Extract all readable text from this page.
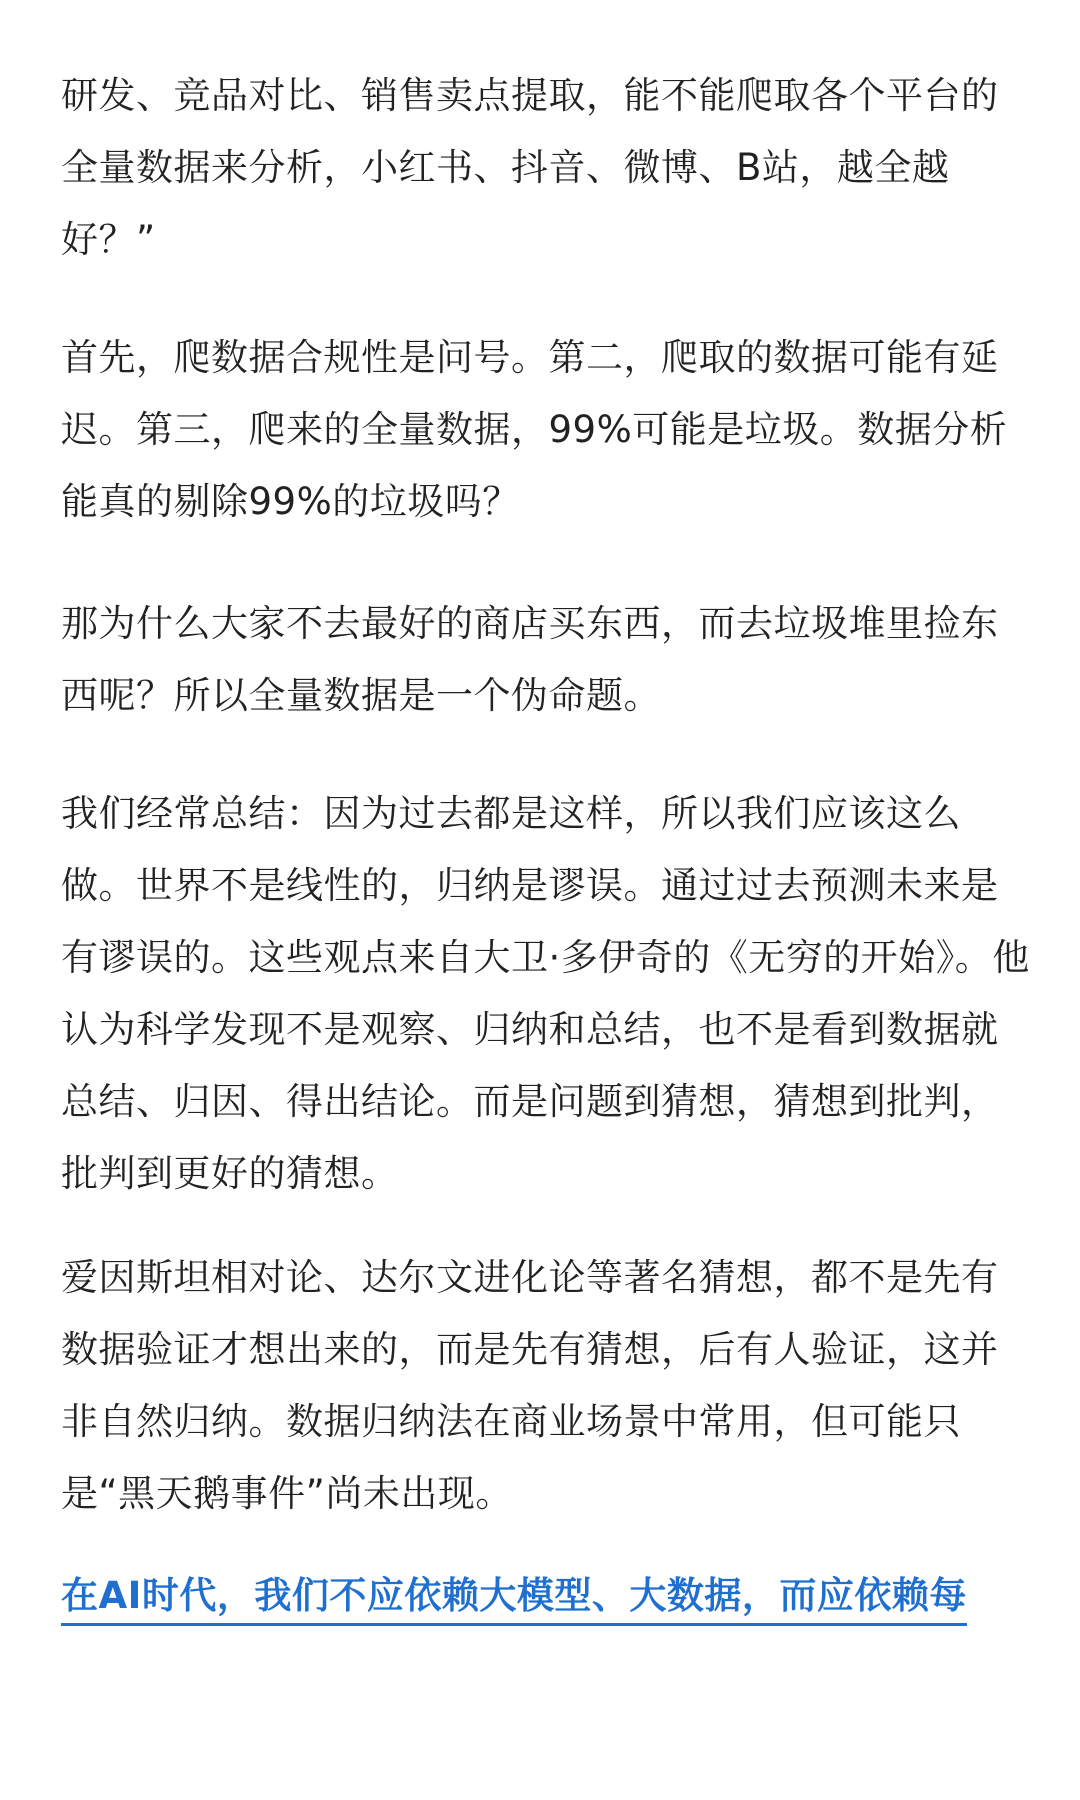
研发、竞品对比、销售卖点提取，能不能爬取各个平台的全量数据来分析，小红书、抖音、微博、B站，越全越好？”

首先，爬数据合规性是问号。第二，爬取的数据可能有延迟。第三，爬来的全量数据，99%可能是垃圾。数据分析能真的剔除99%的垃圾吗？

那为什么大家不去最好的商店买东西，而去垃圾堆里捡东西呢？所以全量数据是一个伪命题。

我们经常总结：因为过去都是这样，所以我们应该这么做。世界不是线性的，归纳是谬误。通过过去预测未来是有谬误的。这些观点来自大卫·多伊奇的《无穷的开始》。他认为科学发现不是观察、归纳和总结，也不是看到数据就总结、归因、得出结论。而是问题到猜想，猜想到批判，批判到更好的猜想。

爱因斯坦相对论、达尔文进化论等著名猜想，都不是先有数据验证才想出来的，而是先有猜想，后有人验证，这并非自然归纳。数据归纳法在商业场景中常用，但可能只是“黑天鹅事件”尚未出现。

在AI时代，我们不应依赖大模型、大数据，而应依赖每
